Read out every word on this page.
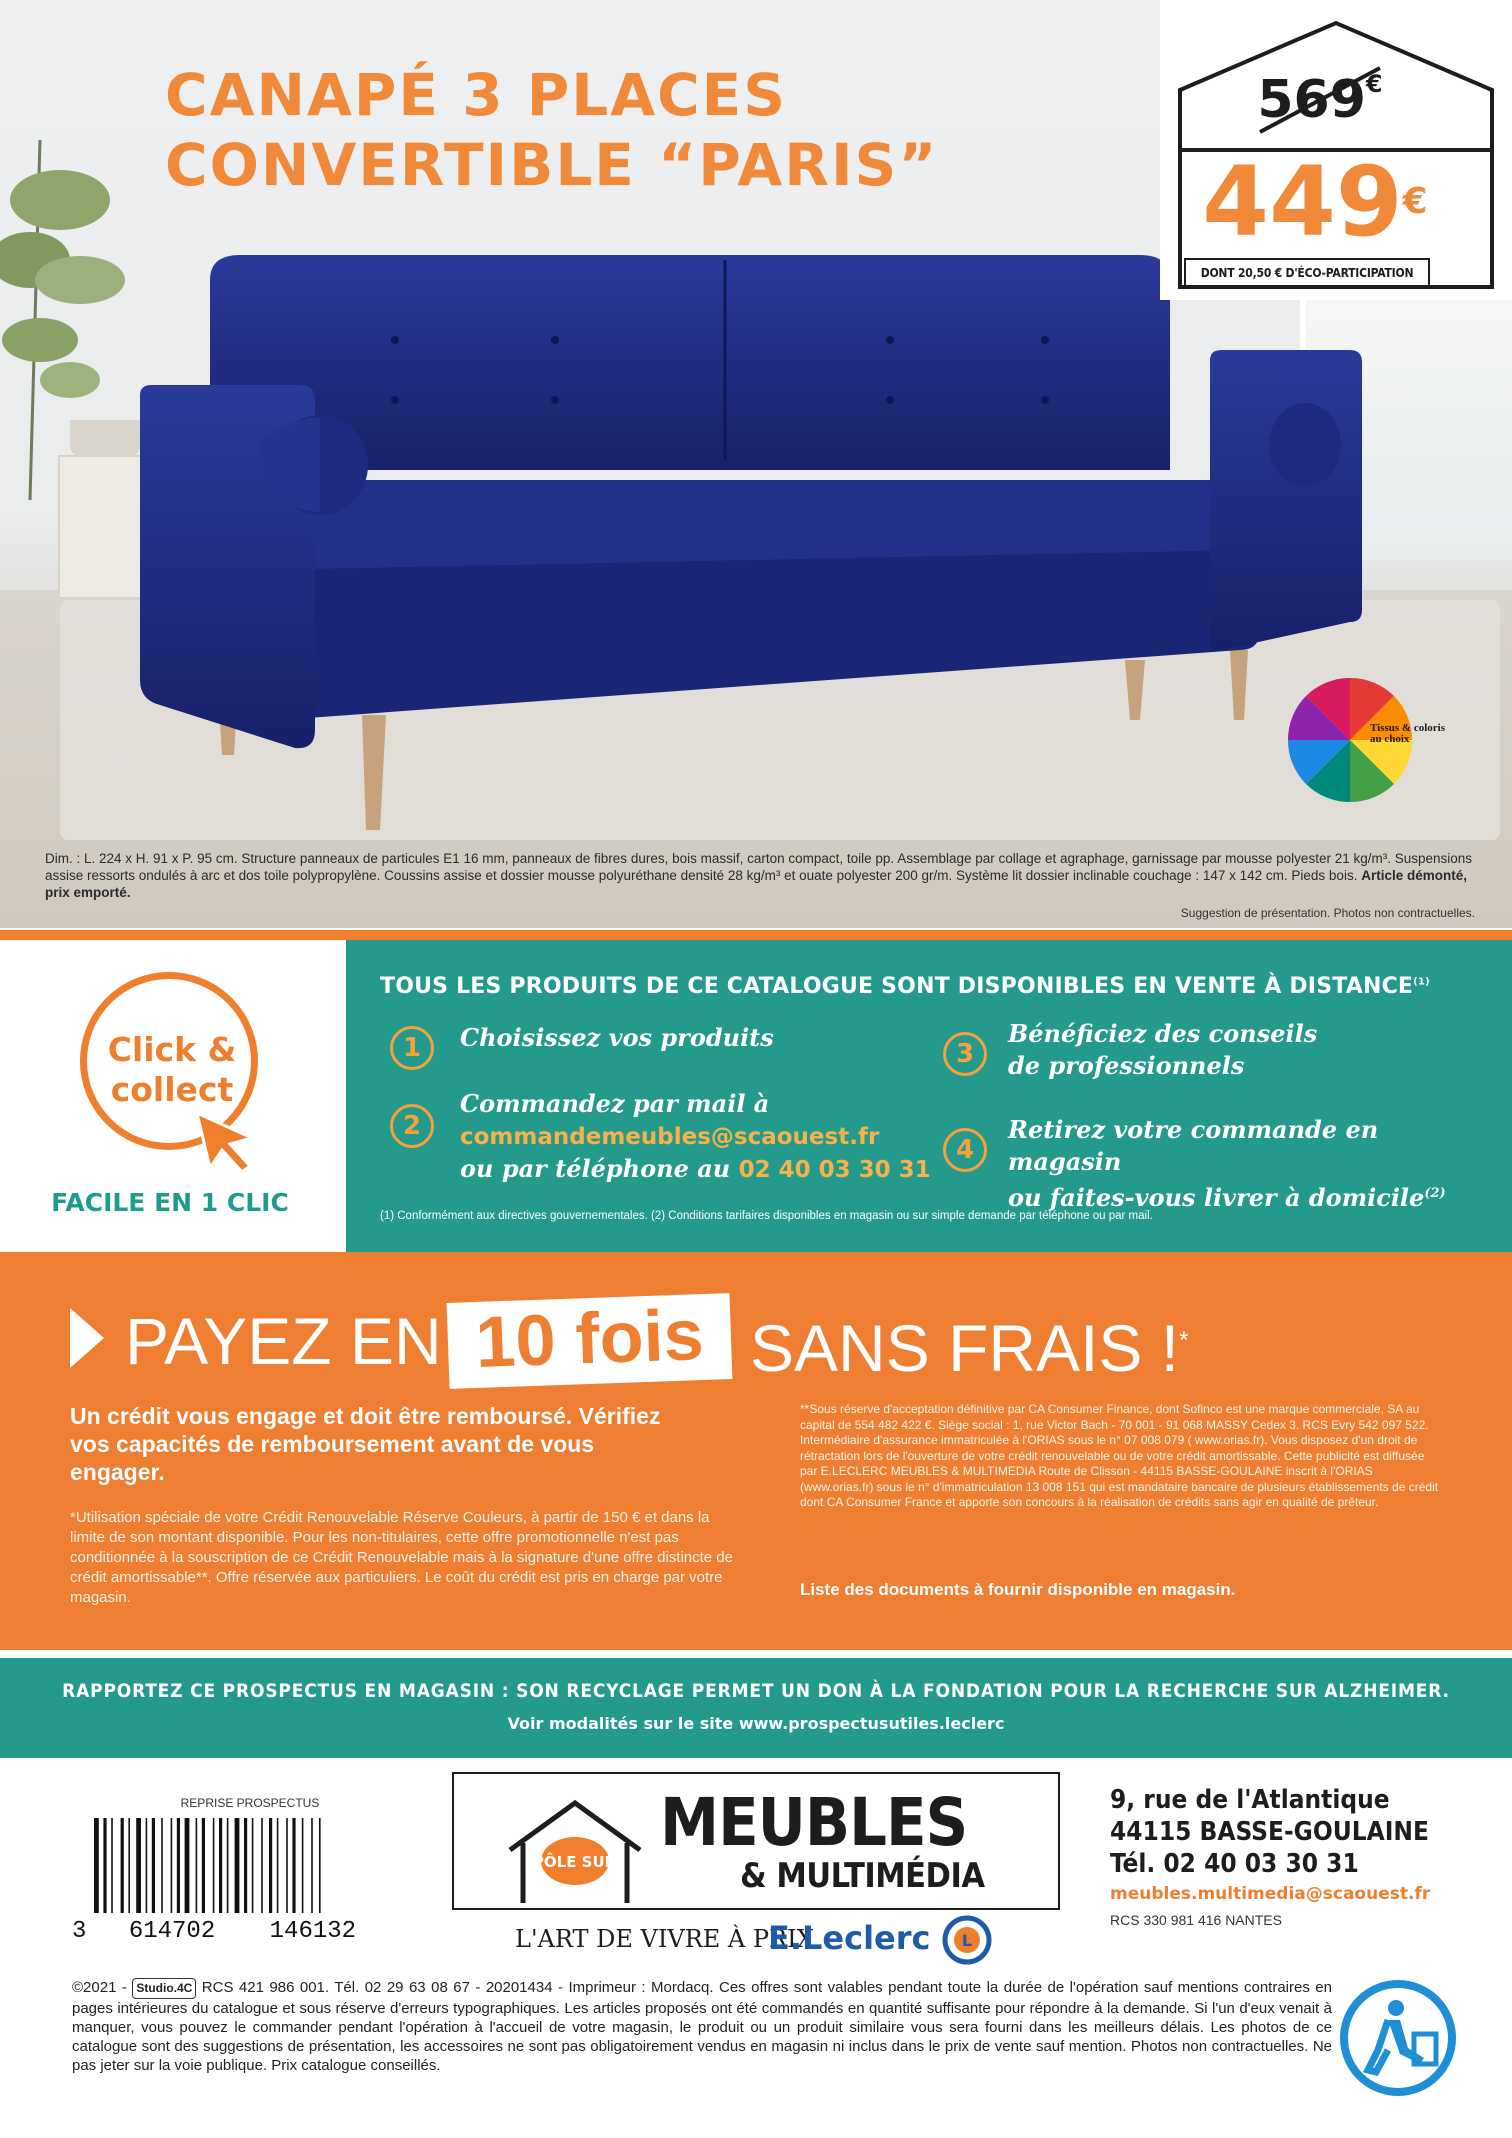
CANAPÉ 3 PLACES
CONVERTIBLE “PARIS”
569€
449€
DONT 20,50 € D'ÉCO-PARTICIPATION
Tissus & coloris au choix

Dim. : L. 224 x H. 91 x P. 95 cm. Structure panneaux de particules E1 16 mm, panneaux de fibres dures, bois massif, carton compact, toile pp. Assemblage par collage et agraphage, garnissage par mousse polyester 21 kg/m³. Suspensions assise ressorts ondulés à arc et dos toile polypropylène. Coussins assise et dossier mousse polyuréthane densité 28 kg/m³ et ouate polyester 200 gr/m. Système lit dossier inclinable couchage : 147 x 142 cm. Pieds bois. Article démonté, prix emporté.

Suggestion de présentation. Photos non contractuelles.
Click & collect
FACILE EN 1 CLIC
TOUS LES PRODUITS DE CE CATALOGUE SONT DISPONIBLES EN VENTE À DISTANCE$^{(1)}$
1	Choisissez vos produits
2
Commandez par mail à
commandemeubles@scaouest.fr
ou par téléphone au 02 40 03 30 31
3
Bénéficiez des conseils
de professionnels
4
Retirez votre commande en magasin
ou faites-vous livrer à domicile$^{(2)}$
(1) Conformément aux directives gouvernementales. (2) Conditions tarifaires disponibles en magasin ou sur simple demande par téléphone ou par mail.
PAYEZ EN 10 fois SANS FRAIS !*

Un crédit vous engage et doit être remboursé. Vérifiez vos capacités de remboursement avant de vous engager.

*Utilisation spéciale de votre Crédit Renouvelable Réserve Couleurs, à partir de 150 € et dans la limite de son montant disponible. Pour les non-titulaires, cette offre promotionnelle n'est pas conditionnée à la souscription de ce Crédit Renouvelable mais à la signature d'une offre distincte de crédit amortissable**. Offre réservée aux particuliers. Le coût du crédit est pris en charge par votre magasin.

**Sous réserve d'acceptation définitive par CA Consumer Finance, dont Sofinco est une marque commerciale, SA au capital de 554 482 422 €. Siège social : 1, rue Victor Bach - 70 001 - 91 068 MASSY Cedex 3. RCS Evry 542 097 522. Intermédiaire d'assurance immatriculée à l'ORIAS sous le n° 07 008 079 ( www.orias.fr). Vous disposez d'un droit de rétractation lors de l'ouverture de votre crédit renouvelable ou de votre crédit amortissable. Cette publicité est diffusée par E.LECLERC MEUBLES & MULTIMEDIA Route de Clisson - 44115 BASSE-GOULAINE inscrit à l'ORIAS (www.orias.fr) sous le n° d'immatriculation 13 008 151 qui est mandataire bancaire de plusieurs établissements de crédit dont CA Consumer France et apporte son concours à la réalisation de crédits sans agir en qualité de prêteur.

Liste des documents à fournir disponible en magasin.
RAPPORTEZ CE PROSPECTUS EN MAGASIN : SON RECYCLAGE PERMET UN DON À LA FONDATION POUR LA RECHERCHE SUR ALZHEIMER.
Voir modalités sur le site www.prospectusutiles.leclerc
REPRISE PROSPECTUS
3 614702 146132
PÔLE SUD
MEUBLES
& MULTIMÉDIA
L'ART DE VIVRE À PRIX
E.Leclerc L
9, rue de l'Atlantique
44115 BASSE-GOULAINE
Tél. 02 40 03 30 31
meubles.multimedia@scaouest.fr
RCS 330 981 416 NANTES

©2021 - Studio.4C RCS 421 986 001. Tél. 02 29 63 08 67 - 20201434 - Imprimeur : Mordacq. Ces offres sont valables pendant toute la durée de l'opération sauf mentions contraires en pages intérieures du catalogue et sous réserve d'erreurs typographiques. Les articles proposés ont été commandés en quantité suffisante pour répondre à la demande. Si l'un d'eux venait à manquer, vous pouvez le commander pendant l'opération à l'accueil de votre magasin, le produit ou un produit similaire vous sera fourni dans les meilleurs délais. Les photos de ce catalogue sont des suggestions de présentation, les accessoires ne sont pas obligatoirement vendus en magasin ni inclus dans le prix de vente sauf mention. Photos non contractuelles. Ne pas jeter sur la voie publique. Prix catalogue conseillés.
